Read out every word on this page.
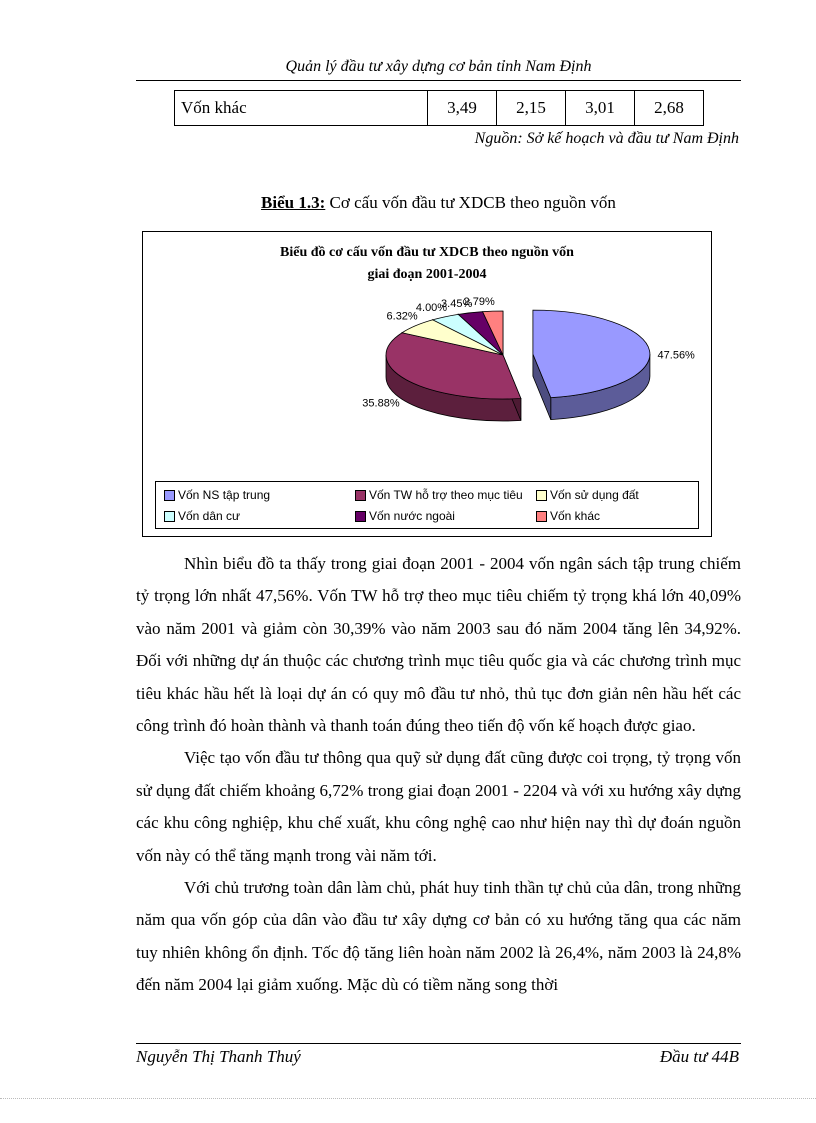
Quản lý đầu tư xây dựng cơ bản tỉnh Nam Định
Vốn khác	3,49	2,15	3,01	2,68
Nguồn: Sở kế hoạch và đầu tư Nam Định
Biểu 1.3: Cơ cấu vốn đầu tư XDCB theo nguồn vốn
Biểu đồ cơ cấu vốn đầu tư XDCB theo nguồn vốn
giai đoạn 2001-2004
47.56%
35.88%
6.32%
4.00%
3.45%
2.79%
Vốn NS tập trung	Vốn TW hỗ trợ theo mục tiêu	Vốn sử dụng đất
Vốn dân cư	Vốn nước ngoài	Vốn khác

Nhìn biểu đồ ta thấy trong giai đoạn 2001 - 2004 vốn ngân sách tập trung chiếm tỷ trọng lớn nhất 47,56%. Vốn TW hỗ trợ theo mục tiêu chiếm tỷ trọng khá lớn 40,09% vào năm 2001 và giảm còn 30,39% vào năm 2003 sau đó năm 2004 tăng lên 34,92%. Đối với những dự án thuộc các chương trình mục tiêu quốc gia và các chương trình mục tiêu khác hầu hết là loại dự án có quy mô đầu tư nhỏ, thủ tục đơn giản nên hầu hết các công trình đó hoàn thành và thanh toán đúng theo tiến độ vốn kế hoạch được giao.

Việc tạo vốn đầu tư thông qua quỹ sử dụng đất cũng được coi trọng, tỷ trọng vốn sử dụng đất chiếm khoảng 6,72% trong giai đoạn 2001 - 2204 và với xu hướng xây dựng các khu công nghiệp, khu chế xuất, khu công nghệ cao như hiện nay thì dự đoán nguồn vốn này có thể tăng mạnh trong vài năm tới.

Với chủ trương toàn dân làm chủ, phát huy tinh thần tự chủ của dân, trong những năm qua vốn góp của dân vào đầu tư xây dựng cơ bản có xu hướng tăng qua các năm tuy nhiên không ổn định. Tốc độ tăng liên hoàn năm 2002 là 26,4%, năm 2003 là 24,8% đến năm 2004 lại giảm xuống. Mặc dù có tiềm năng song thời

Nguyễn Thị Thanh Thuý	Đầu tư 44B
